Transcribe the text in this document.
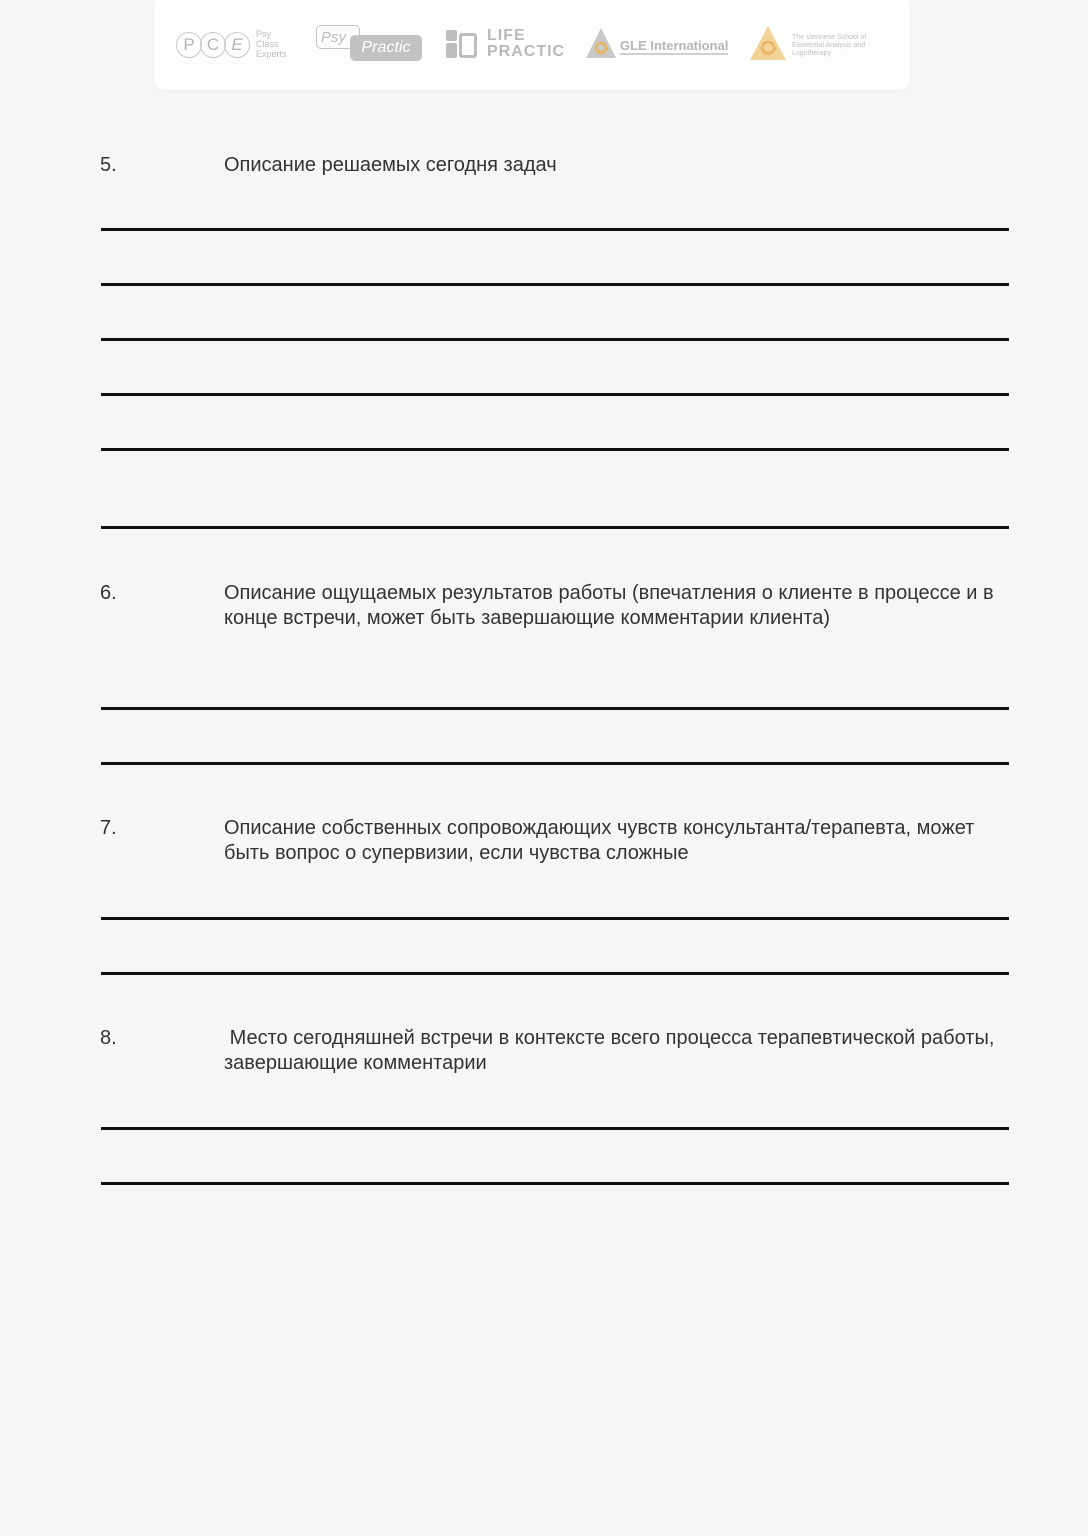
P C E
Psy
Class
Experts
Psy
Practic
LIFE
PRACTIC	GLE International
The Viennese School of
Existential Analysis and
Logotherapy
5.	Описание решаемых сегодня задач
6.	Описание ощущаемых результатов работы (впечатления о клиенте в процессе и в конце встречи, может быть завершающие комментарии клиента)
7.	Описание собственных сопровождающих чувств консультанта/терапевта, может быть вопрос о супервизии, если чувства сложные
8.	Место сегодняшней встречи в контексте всего процесса терапевтической работы, завершающие комментарии
